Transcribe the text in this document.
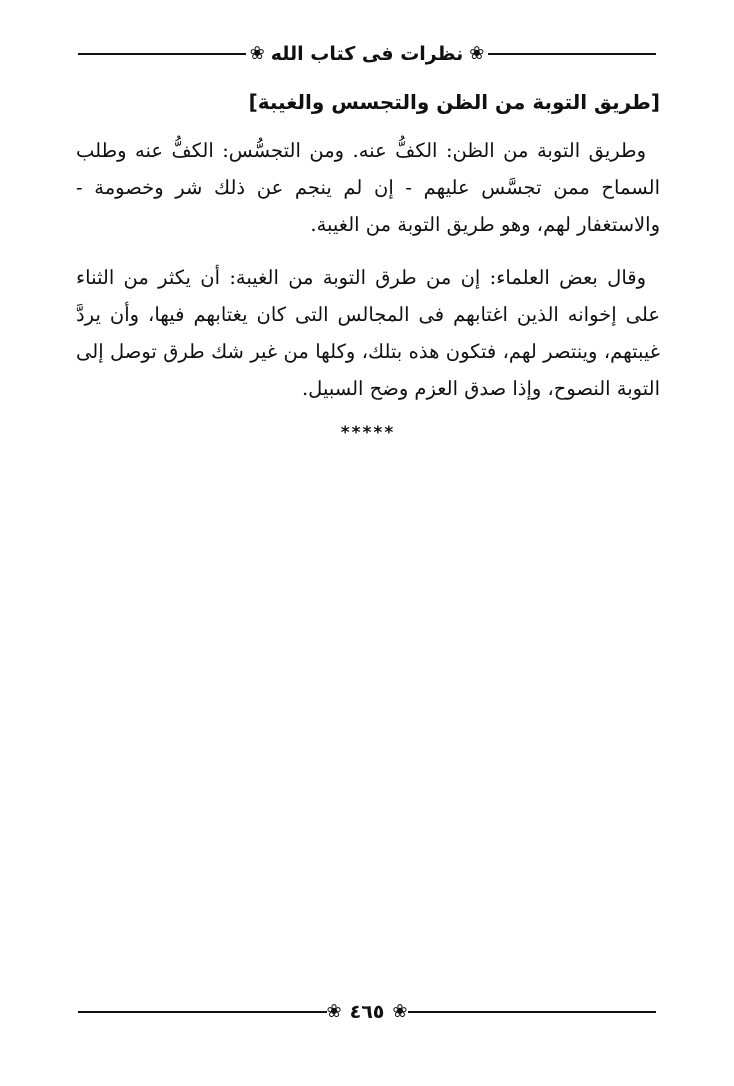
❀
نظرات فى كتاب الله
❀
[طريق التوبة من الظن والتجسس والغيبة]

وطريق التوبة من الظن: الكفُّ عنه. ومن التجسُّس: الكفُّ عنه وطلب السماح ممن تجسَّس عليهم - إن لم ينجم عن ذلك شر وخصومة - والاستغفار لهم، وهو طريق التوبة من الغيبة.

وقال بعض العلماء: إن من طرق التوبة من الغيبة: أن يكثر من الثناء على إخوانه الذين اغتابهم فى المجالس التى كان يغتابهم فيها، وأن يردَّ غيبتهم، وينتصر لهم، فتكون هذه بتلك، وكلها من غير شك طرق توصل إلى التوبة النصوح، وإذا صدق العزم وضح السبيل.

*****
❀ ٤٦٥ ❀
